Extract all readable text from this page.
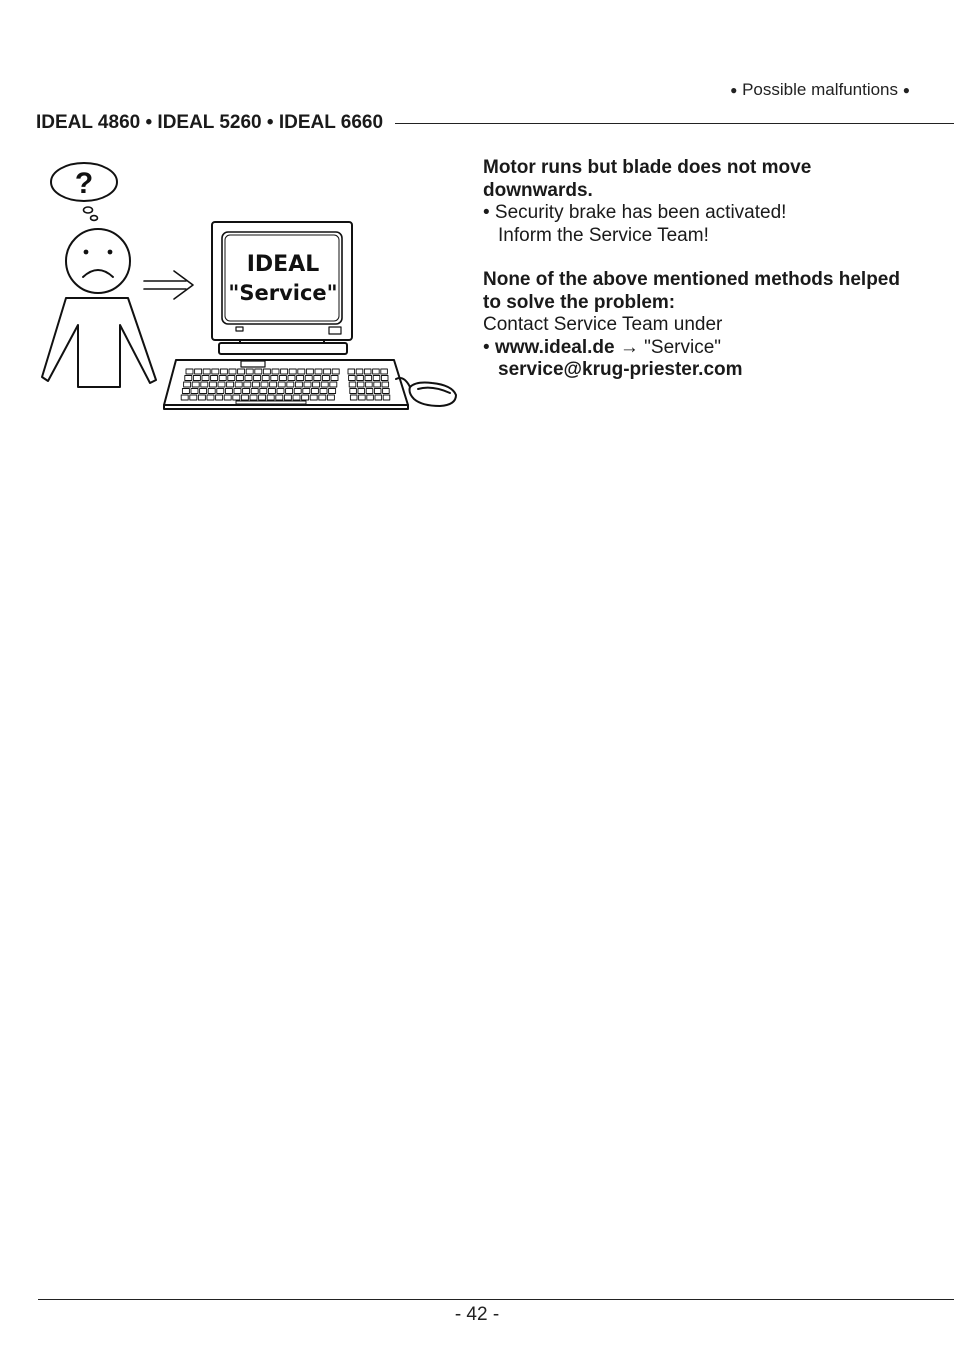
● Possible malfuntions ●
IDEAL 4860 • IDEAL 5260 • IDEAL 6660
?
IDEAL
"Service"
Motor runs but blade does not move downwards.
• Security brake has been activated!
Inform the Service Team!
None of the above mentioned methods helped to solve the problem:
Contact Service Team under
• www.ideal.de → "Service"
service@krug-priester.com
- 42 -
